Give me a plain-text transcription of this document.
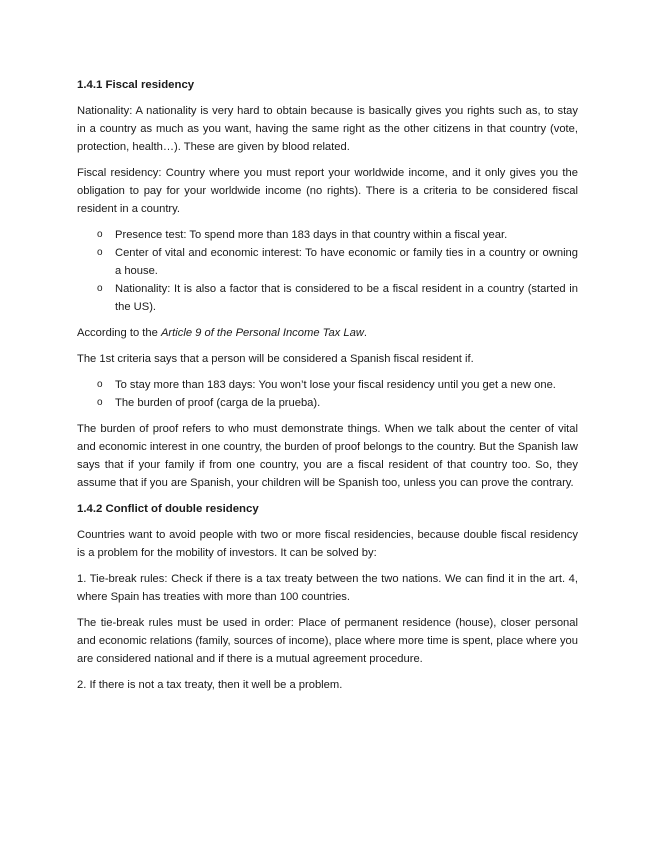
1.4.1 Fiscal residency

Nationality: A nationality is very hard to obtain because is basically gives you rights such as, to stay in a country as much as you want, having the same right as the other citizens in that country (vote, protection, health…). These are given by blood related.

Fiscal residency: Country where you must report your worldwide income, and it only gives you the obligation to pay for your worldwide income (no rights). There is a criteria to be considered fiscal resident in a country.

o Presence test: To spend more than 183 days in that country within a fiscal year.
o Center of vital and economic interest: To have economic or family ties in a country or owning a house.
o Nationality: It is also a factor that is considered to be a fiscal resident in a country (started in the US).

According to the Article 9 of the Personal Income Tax Law.

The 1st criteria says that a person will be considered a Spanish fiscal resident if.

o To stay more than 183 days: You won’t lose your fiscal residency until you get a new one.
o The burden of proof (carga de la prueba).

The burden of proof refers to who must demonstrate things. When we talk about the center of vital and economic interest in one country, the burden of proof belongs to the country. But the Spanish law says that if your family if from one country, you are a fiscal resident of that country too. So, they assume that if you are Spanish, your children will be Spanish too, unless you can prove the contrary.

1.4.2 Conflict of double residency

Countries want to avoid people with two or more fiscal residencies, because double fiscal residency is a problem for the mobility of investors. It can be solved by:

1. Tie-break rules: Check if there is a tax treaty between the two nations. We can find it in the art. 4, where Spain has treaties with more than 100 countries.

The tie-break rules must be used in order: Place of permanent residence (house), closer personal and economic relations (family, sources of income), place where more time is spent, place where you are considered national and if there is a mutual agreement procedure.

2. If there is not a tax treaty, then it well be a problem.
